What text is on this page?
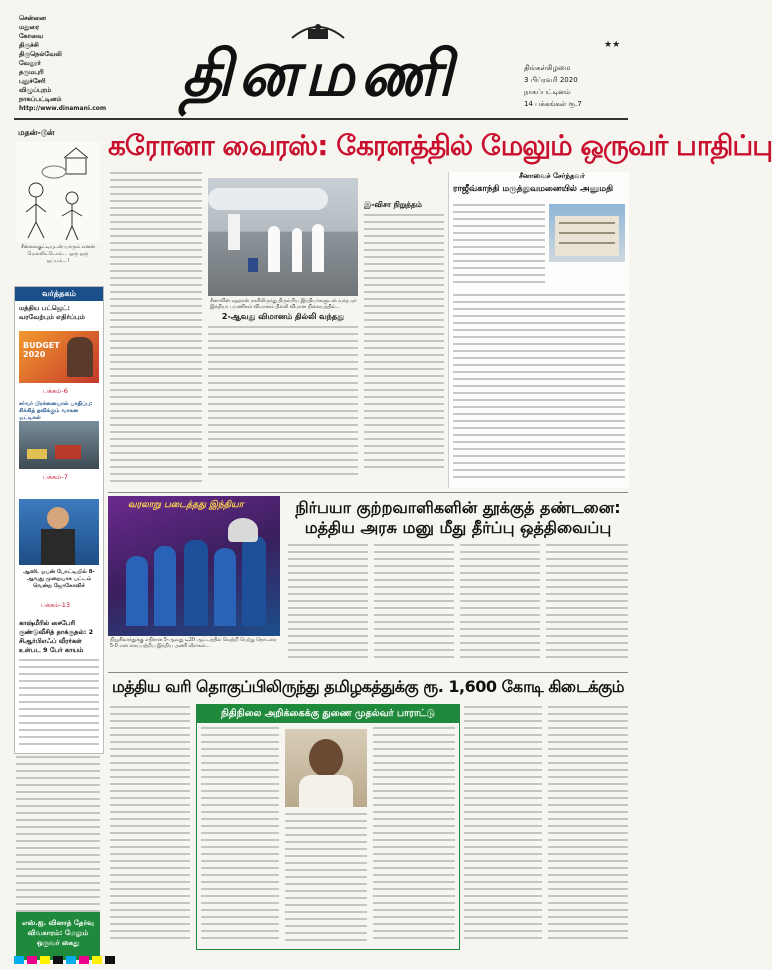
சென்னை
மதுரை
கோவை
திருச்சி
திருநெல்வேலி
வேலூர்
தருமபுரி
புதுச்சேரி
விழுப்புரம்
நாகப்பட்டினம்
http://www.dinamani.com தினமணி	★★
திங்கள்கிழமை
3 பிப்ரவரி 2020
நாகப்பட்டினம்
14 பக்கங்கள் ரூ.7
மதன்-டூன்
சீன்லைகுட்டியுடன் யாரும் எனன் மெலலிட்டோம்... ஒரு ஒரு ஒப்பம்...!
வர்த்தகம்
மத்திய பட்ஜெட்: வரவேற்பும் எதிர்ப்பும்
BUDGET 2020
பக்கம்-6
சர்வர் பிரச்னையால் பாதிப்பு: சிக்கித் தவிக்கும் வாகன ஓட்டிகள்
பக்கம்-7
ஆஸி. ஓபன் போட்டியில் 8-ஆவது முறையாக பட்டம் வென்ற ஜோகோவிச்
பக்கம்-13
காஷ்மீரில் சைபேரி குண்டுவீசித் தாக்குதல்: 2 சிஆர்பிஎஃப் வீரர்கள் உள்பட 9 பேர் காயம்
எஸ்.ஐ. வினாத் தேர்வு விவகாரம்: மேலும் ஒருவர் கைது
கரோனா வைரஸ்: கேரளத்தில் மேலும் ஒருவர் பாதிப்பு
சீனாவின் வுஹான் நகரிலிருந்து திரும்பிய இந்தியர்களுடன் வந்த ஏர் இந்தியா பயணிகள் விமானம் தில்லி விமான நிலையத்தில்...
இ-விசா நிறுத்தம்
2-ஆவது விமானம் தில்லி வந்தது
சீனாவைச் சேர்ந்தவர்
ராஜீவ்காந்தி மருத்துவமனையில் அனுமதி
வரலாறு படைத்தது இந்தியா
நியூசிலாந்துக்கு எதிரான 5-ஆவது டி20 ஆட்டத்தில் வெற்றி பெற்று தொடரை 5-0 என கைப்பற்றிய இந்திய அணி வீரர்கள்...
நிர்பயா குற்றவாளிகளின் தூக்குத் தண்டனை:
மத்திய அரசு மனு மீது தீர்ப்பு ஒத்திவைப்பு
மத்திய வரி தொகுப்பிலிருந்து தமிழகத்துக்கு ரூ. 1,600 கோடி கிடைக்கும்
நிதிநிலை அறிக்கைக்கு துணை முதல்வர் பாராட்டு
